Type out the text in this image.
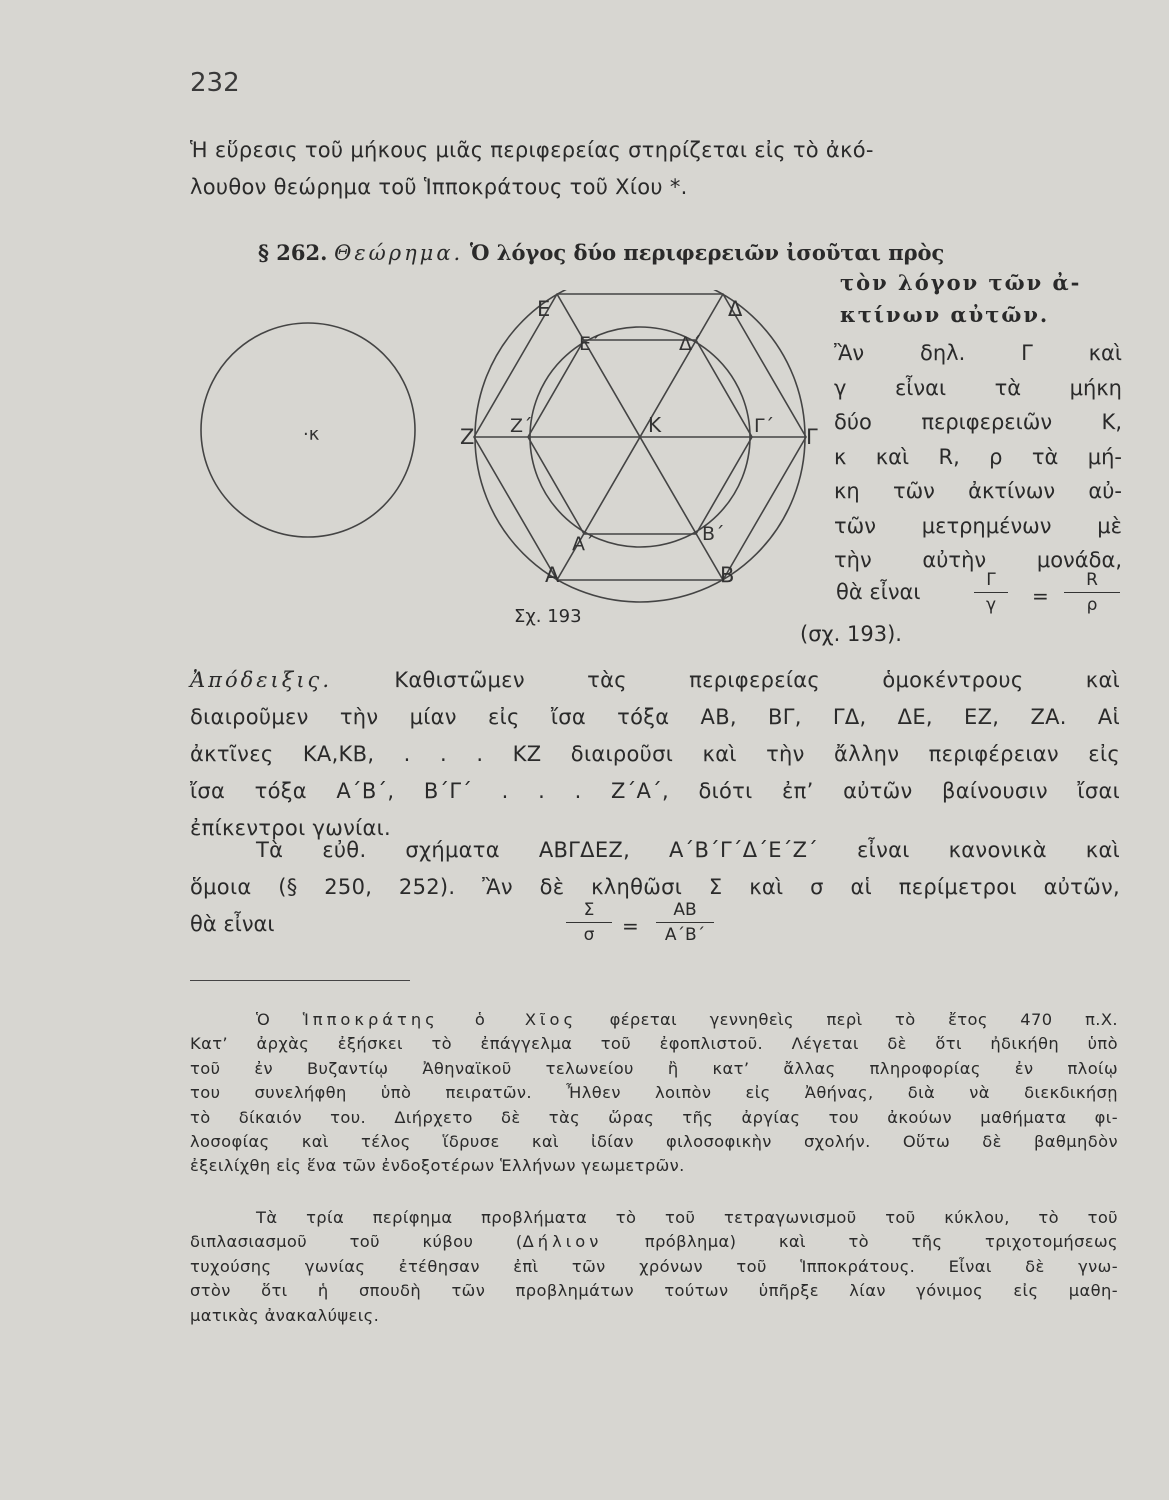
232
Ἡ εὕρεσις τοῦ μήκους μιᾶς περιφερείας στηρίζεται εἰς τὸ ἀκό-
λουθον θεώρημα τοῦ Ἱπποκράτους τοῦ Χίου *.
§ 262. Θεώρημα. Ὁ λόγος δύο περιφερειῶν ἰσοῦται πρὸς
τὸν λόγον τῶν ἀ-
κτίνων αὐτῶν.
·κ	Κ
Ε	Δ
Γ
Β
Α
Ζ
Ε΄	Δ΄
Γ΄
Β΄
Α΄
Ζ΄
Σχ. 193
Ἂν δηλ. Γ καὶ
γ εἶναι τὰ μήκη
δύο περιφερειῶν Κ,
κ καὶ R, ρ τὰ μή-
κη τῶν ἀκτίνων αὐ-
τῶν μετρημένων μὲ
τὴν αὐτὴν μονάδα,
θὰ εἶναι	Γ
γ	=
R
ρ
(σχ. 193).
Ἀπόδειξις.	Καθιστῶμεν τὰς περιφερείας ὁμοκέντρους καὶ
διαιροῦμεν τὴν μίαν εἰς ἴσα τόξα ΑΒ, ΒΓ, ΓΔ, ΔΕ, ΕΖ, ΖΑ. Αἱ
ἀκτῖνες ΚΑ,ΚΒ, . . . ΚΖ διαιροῦσι καὶ τὴν ἄλλην περιφέρειαν εἰς
ἴσα τόξα Α΄Β΄, Β΄Γ΄ . . . Ζ΄Α΄, διότι ἐπ’ αὐτῶν βαίνουσιν ἴσαι
ἐπίκεντροι γωνίαι.
Τὰ εὐθ. σχήματα ΑΒΓΔΕΖ, Α΄Β΄Γ΄Δ΄Ε΄Ζ΄ εἶναι κανονικὰ καὶ
ὅμοια (§ 250, 252). Ἂν δὲ κληθῶσι Σ καὶ σ αἱ περίμετροι αὐτῶν,
θὰ εἶναι
Σ
σ	=
ΑΒ
Α΄Β΄
Ὁ Ἱπποκράτης ὁ Χῖος φέρεται γεννηθεὶς περὶ τὸ ἔτος 470 π.Χ.
Κατ’ ἀρχὰς ἐξήσκει τὸ ἐπάγγελμα τοῦ ἐφοπλιστοῦ. Λέγεται δὲ ὅτι ἠδικήθη ὑπὸ
τοῦ ἐν Βυζαντίῳ Ἀθηναϊκοῦ τελωνείου ἢ κατ’ ἄλλας πληροφορίας ἐν πλοίῳ
του συνελήφθη ὑπὸ πειρατῶν. Ἦλθεν λοιπὸν εἰς Ἀθήνας, διὰ νὰ διεκδικήσῃ
τὸ δίκαιόν του. Διήρχετο δὲ τὰς ὥρας τῆς ἀργίας του ἀκούων μαθήματα φι-
λοσοφίας καὶ τέλος ἵδρυσε καὶ ἰδίαν φιλοσοφικὴν σχολήν. Οὕτω δὲ βαθμηδὸν
ἐξειλίχθη εἰς ἕνα τῶν ἐνδοξοτέρων Ἑλλήνων γεωμετρῶν.
Τὰ τρία περίφημα προβλήματα τὸ τοῦ τετραγωνισμοῦ τοῦ κύκλου, τὸ τοῦ
διπλασιασμοῦ τοῦ κύβου (Δήλιον πρόβλημα) καὶ τὸ τῆς τριχοτομήσεως
τυχούσης γωνίας ἐτέθησαν ἐπὶ τῶν χρόνων τοῦ Ἱπποκράτους. Εἶναι δὲ γνω-
στὸν ὅτι ἡ σπουδὴ τῶν προβλημάτων τούτων ὑπῆρξε λίαν γόνιμος εἰς μαθη-
ματικὰς ἀνακαλύψεις.
